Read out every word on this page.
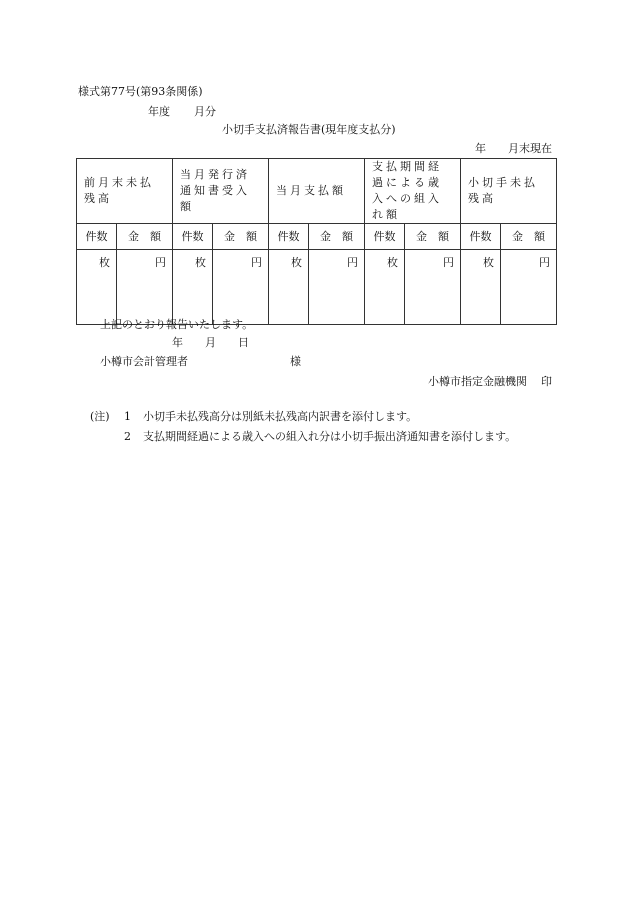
様式第77号(第93条関係)
年度 月分
小切手支払済報告書(現年度支払分)
年 月末現在
前月末未払残高		当月発行済通知書受入額		当月支払額		支払期間経過による歳入への組入れ額		小切手未払残高	
件数	金　額	件数	金　額	件数	金　額	件数	金　額	件数	金　額
枚	円	枚	円	枚	円	枚	円	枚	円
上記のとおり報告いたします。
年 月 日
小樽市会計管理者	様
小樽市指定金融機関 印
(注) 1 小切手未払残高分は別紙未払残高内訳書を添付します。
2 支払期間経過による歳入への組入れ分は小切手振出済通知書を添付します。
